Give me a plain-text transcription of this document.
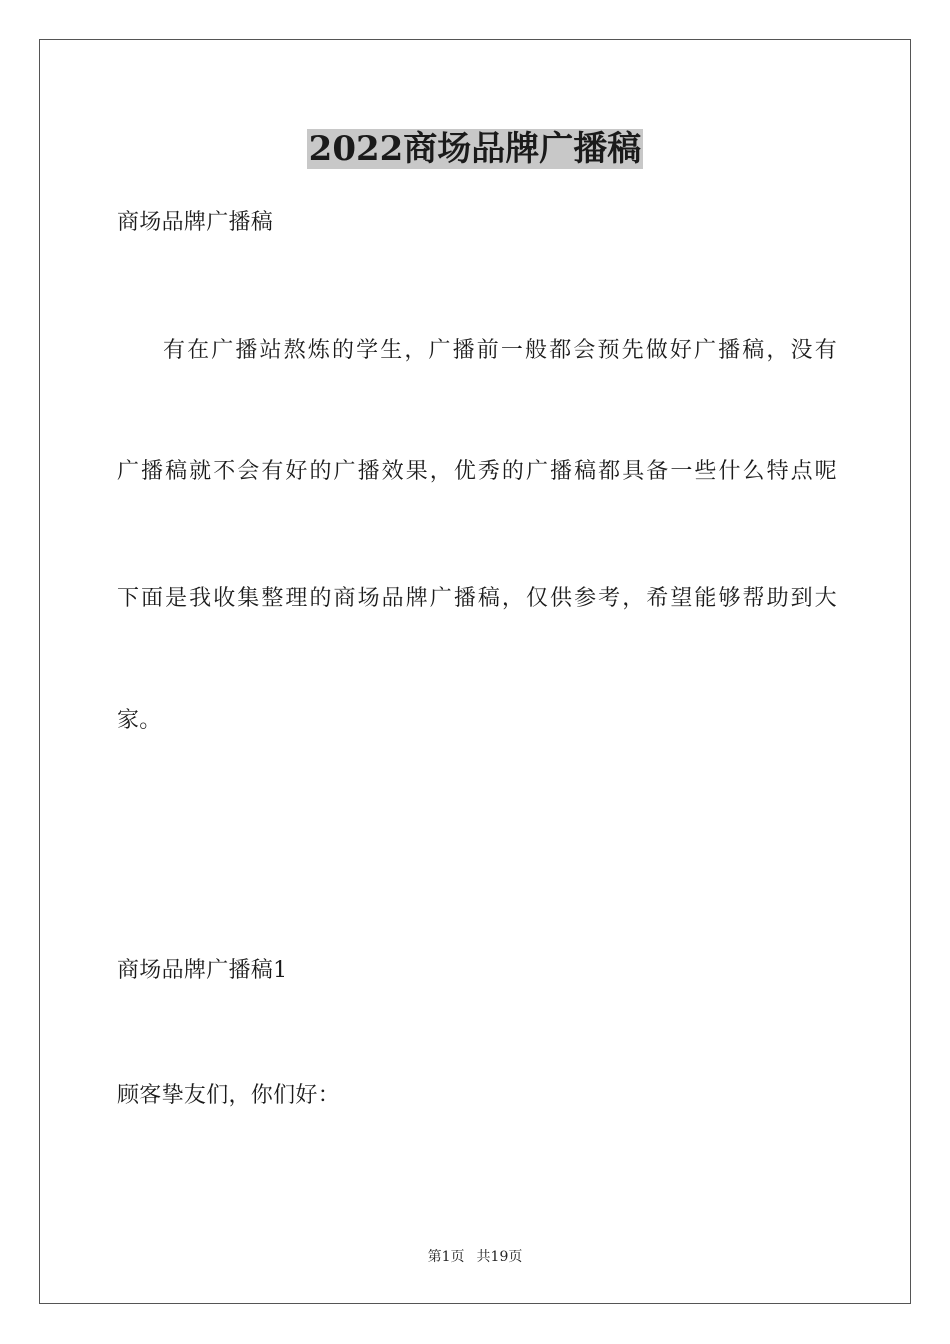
2022商场品牌广播稿

商场品牌广播稿

有在广播站熬炼的学生，广播前一般都会预先做好广播稿，没有

广播稿就不会有好的广播效果，优秀的广播稿都具备一些什么特点呢

下面是我收集整理的商场品牌广播稿，仅供参考，希望能够帮助到大

家。

商场品牌广播稿1

顾客挚友们，你们好：

第1页 共19页
